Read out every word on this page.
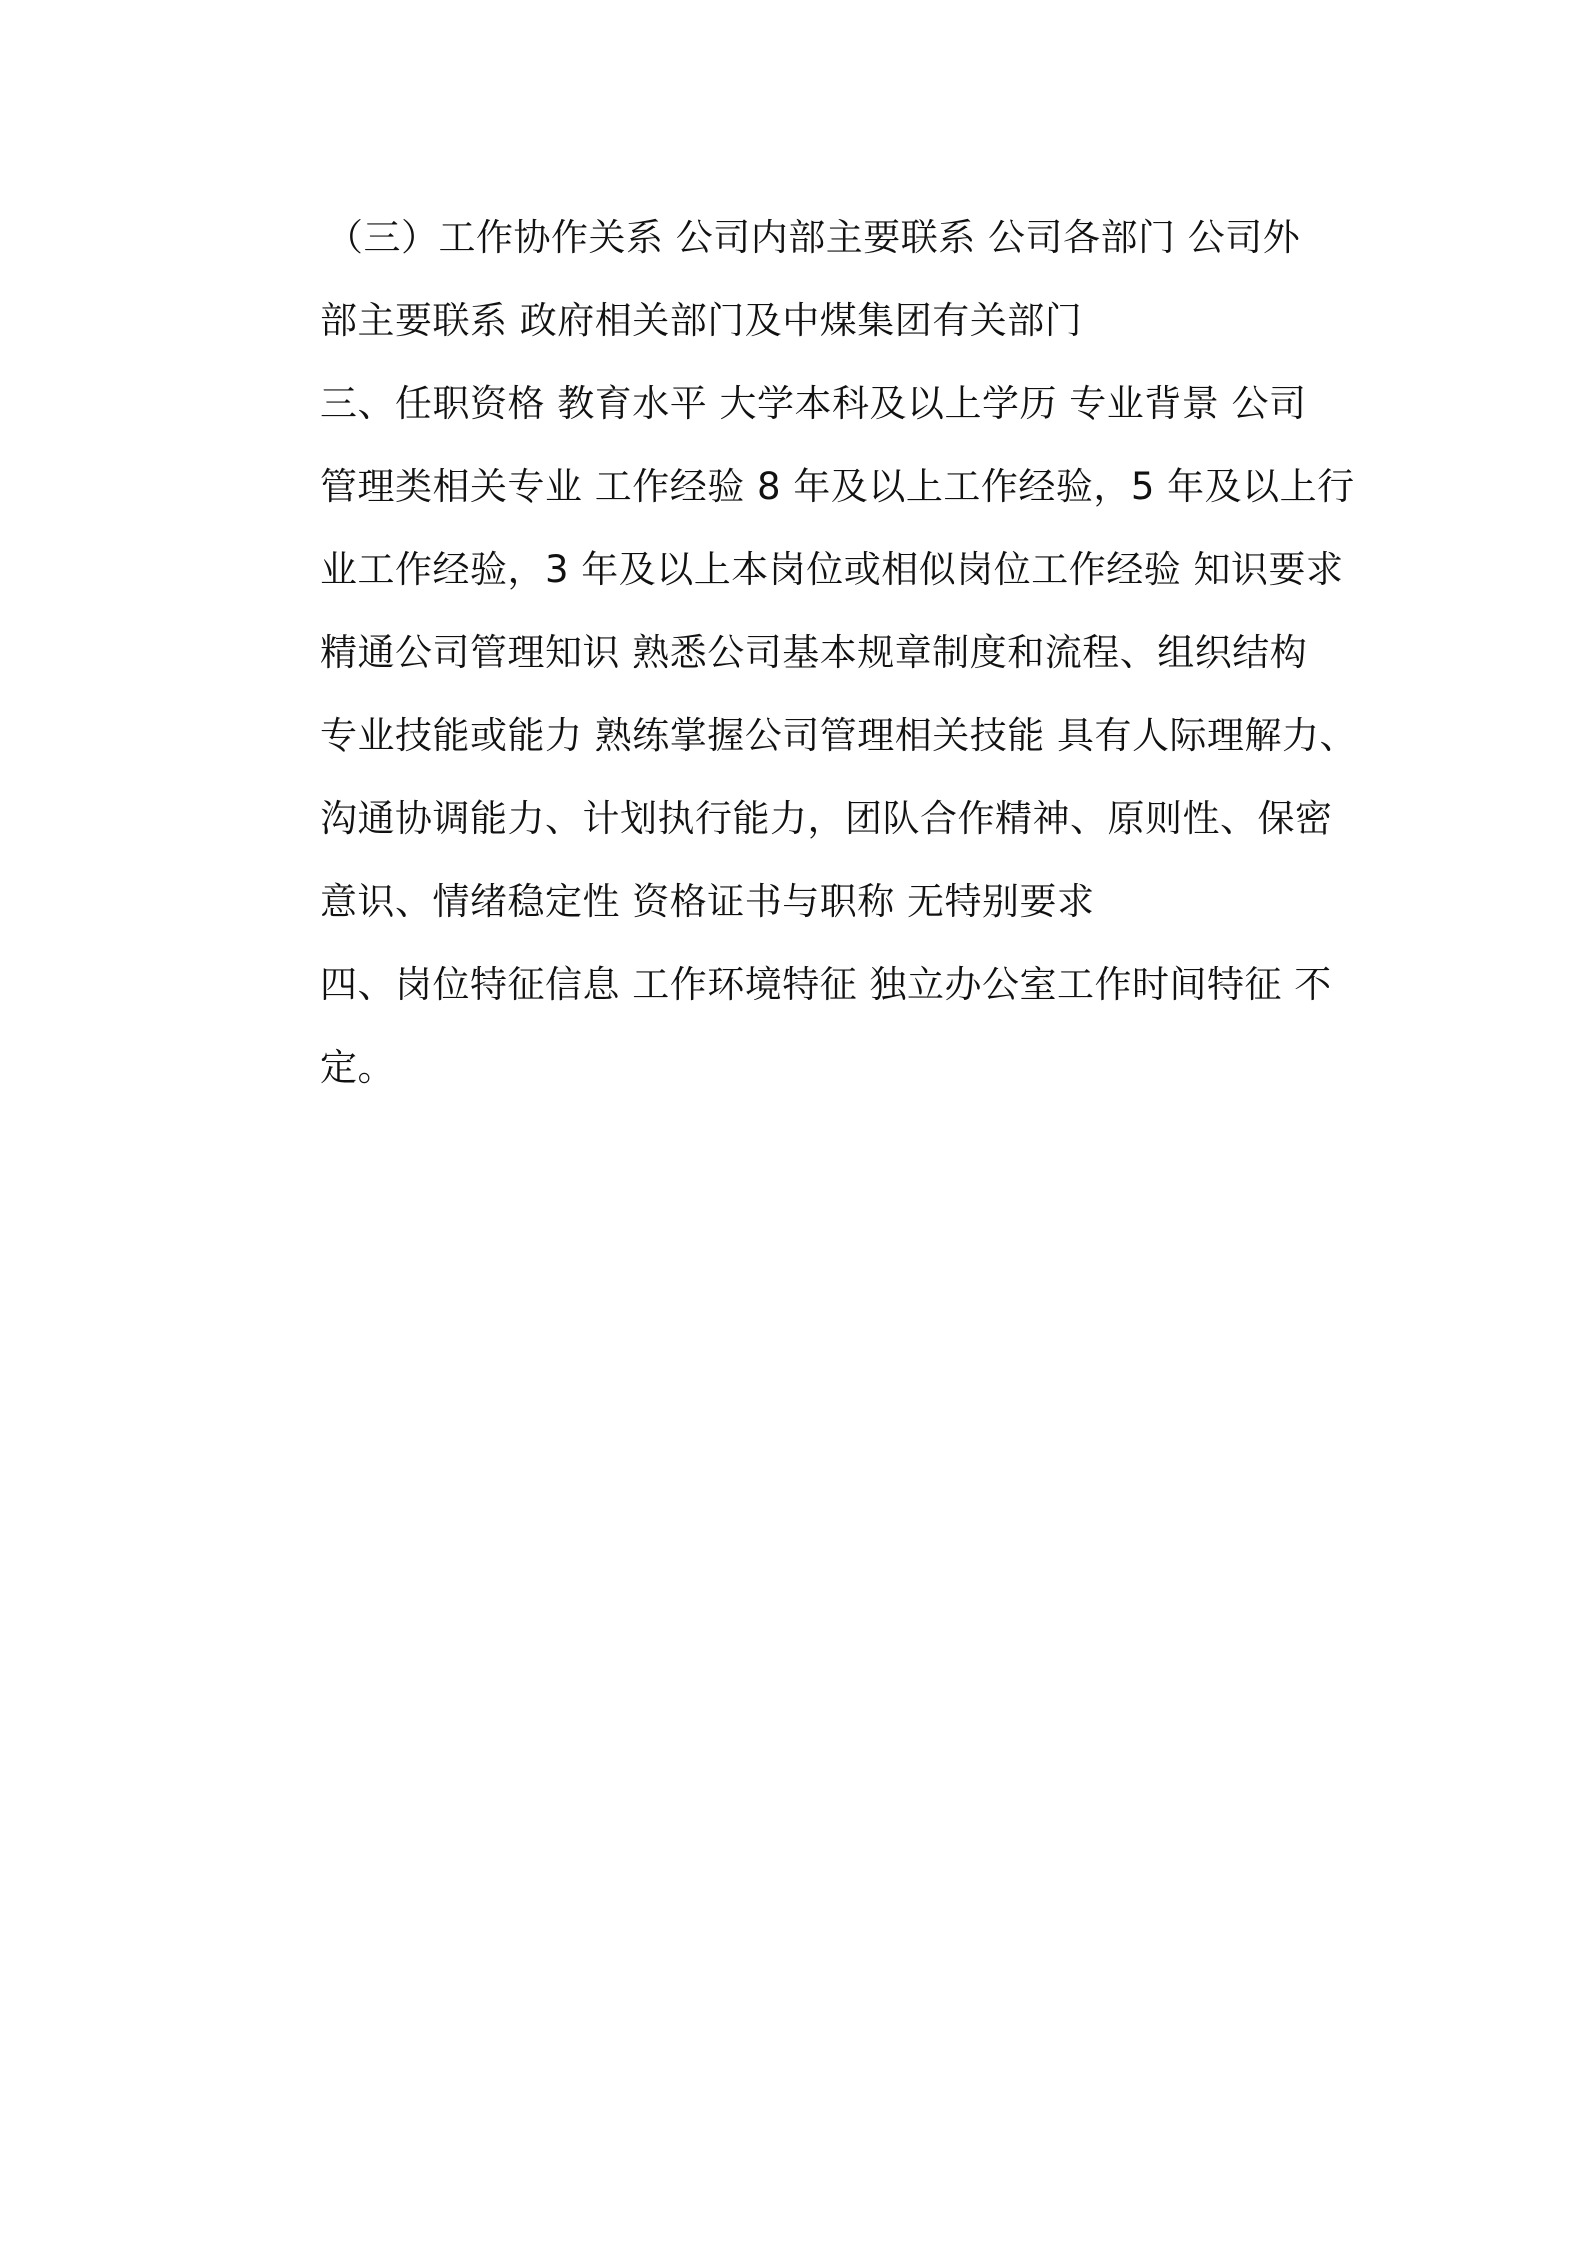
（三）工作协作关系 公司内部主要联系 公司各部门 公司外
部主要联系 政府相关部门及中煤集团有关部门
三、任职资格 教育水平 大学本科及以上学历 专业背景 公司
管理类相关专业 工作经验 8 年及以上工作经验，5 年及以上行
业工作经验，3 年及以上本岗位或相似岗位工作经验 知识要求
精通公司管理知识 熟悉公司基本规章制度和流程、组织结构
专业技能或能力 熟练掌握公司管理相关技能 具有人际理解力、
沟通协调能力、计划执行能力，团队合作精神、原则性、保密
意识、情绪稳定性 资格证书与职称 无特别要求
四、岗位特征信息 工作环境特征 独立办公室工作时间特征 不
定。
